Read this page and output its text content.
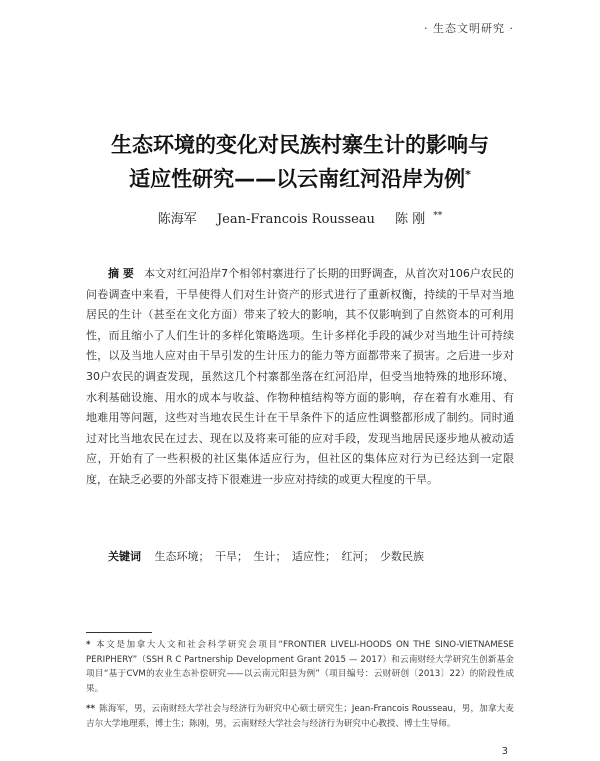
· 生态文明研究 ·
生态环境的变化对民族村寨生计的影响与
适应性研究——以云南红河沿岸为例*
陈海军 Jean-Francois Rousseau 陈 刚 **
摘 要 本文对红河沿岸7个相邻村寨进行了长期的田野调查，从首次对106户农民的问卷调查中来看，干旱使得人们对生计资产的形式进行了重新权衡，持续的干旱对当地居民的生计（甚至在文化方面）带来了较大的影响，其不仅影响到了自然资本的可利用性，而且缩小了人们生计的多样化策略选项。生计多样化手段的减少对当地生计可持续性，以及当地人应对由干旱引发的生计压力的能力等方面都带来了损害。之后进一步对30户农民的调查发现，虽然这几个村寨都坐落在红河沿岸，但受当地特殊的地形环境、水利基础设施、用水的成本与收益、作物种植结构等方面的影响，存在着有水难用、有地难用等问题，这些对当地农民生计在干旱条件下的适应性调整都形成了制约。同时通过对比当地农民在过去、现在以及将来可能的应对手段，发现当地居民逐步地从被动适应，开始有了一些积极的社区集体适应行为，但社区的集体应对行为已经达到一定限度，在缺乏必要的外部支持下很难进一步应对持续的或更大程度的干旱。
关键词 生态环境； 干旱； 生计； 适应性； 红河； 少数民族
* 本文是加拿大人文和社会科学研究会项目“FRONTIER LIVELI-HOODS ON THE SINO-VIETNAMESE PERIPHERY”（SSH R C Partnership Development Grant 2015 — 2017）和云南财经大学研究生创新基金项目“基于CVM的农业生态补偿研究——以云南元阳县为例”（项目编号：云财研创〔2013〕22）的阶段性成果。
** 陈海军，男，云南财经大学社会与经济行为研究中心硕士研究生；Jean-Francois Rousseau，男，加拿大麦吉尔大学地理系，博士生；陈刚，男，云南财经大学社会与经济行为研究中心教授、博士生导师。
3
